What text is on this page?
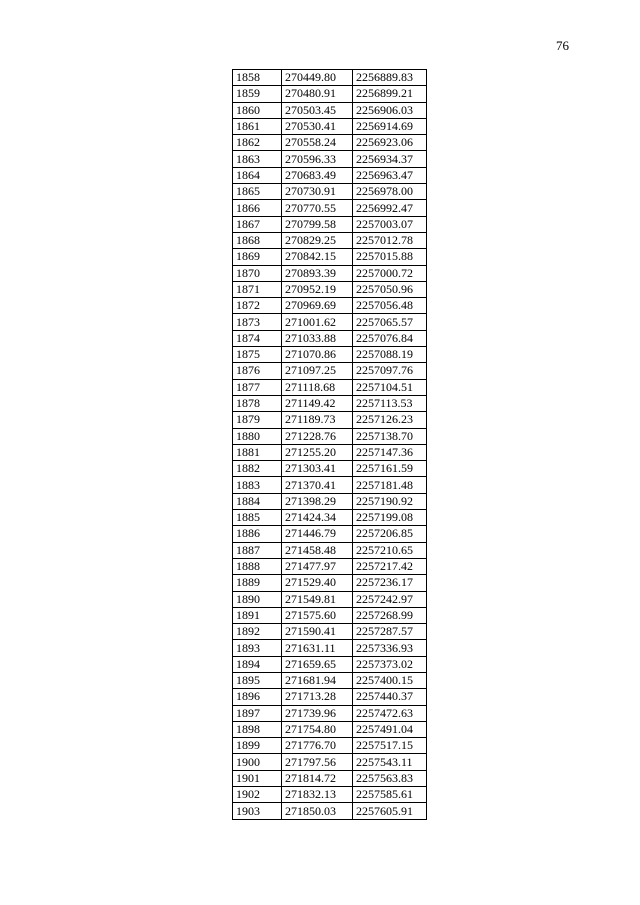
76
1858	270449.80	2256889.83
1859	270480.91	2256899.21
1860	270503.45	2256906.03
1861	270530.41	2256914.69
1862	270558.24	2256923.06
1863	270596.33	2256934.37
1864	270683.49	2256963.47
1865	270730.91	2256978.00
1866	270770.55	2256992.47
1867	270799.58	2257003.07
1868	270829.25	2257012.78
1869	270842.15	2257015.88
1870	270893.39	2257000.72
1871	270952.19	2257050.96
1872	270969.69	2257056.48
1873	271001.62	2257065.57
1874	271033.88	2257076.84
1875	271070.86	2257088.19
1876	271097.25	2257097.76
1877	271118.68	2257104.51
1878	271149.42	2257113.53
1879	271189.73	2257126.23
1880	271228.76	2257138.70
1881	271255.20	2257147.36
1882	271303.41	2257161.59
1883	271370.41	2257181.48
1884	271398.29	2257190.92
1885	271424.34	2257199.08
1886	271446.79	2257206.85
1887	271458.48	2257210.65
1888	271477.97	2257217.42
1889	271529.40	2257236.17
1890	271549.81	2257242.97
1891	271575.60	2257268.99
1892	271590.41	2257287.57
1893	271631.11	2257336.93
1894	271659.65	2257373.02
1895	271681.94	2257400.15
1896	271713.28	2257440.37
1897	271739.96	2257472.63
1898	271754.80	2257491.04
1899	271776.70	2257517.15
1900	271797.56	2257543.11
1901	271814.72	2257563.83
1902	271832.13	2257585.61
1903	271850.03	2257605.91
